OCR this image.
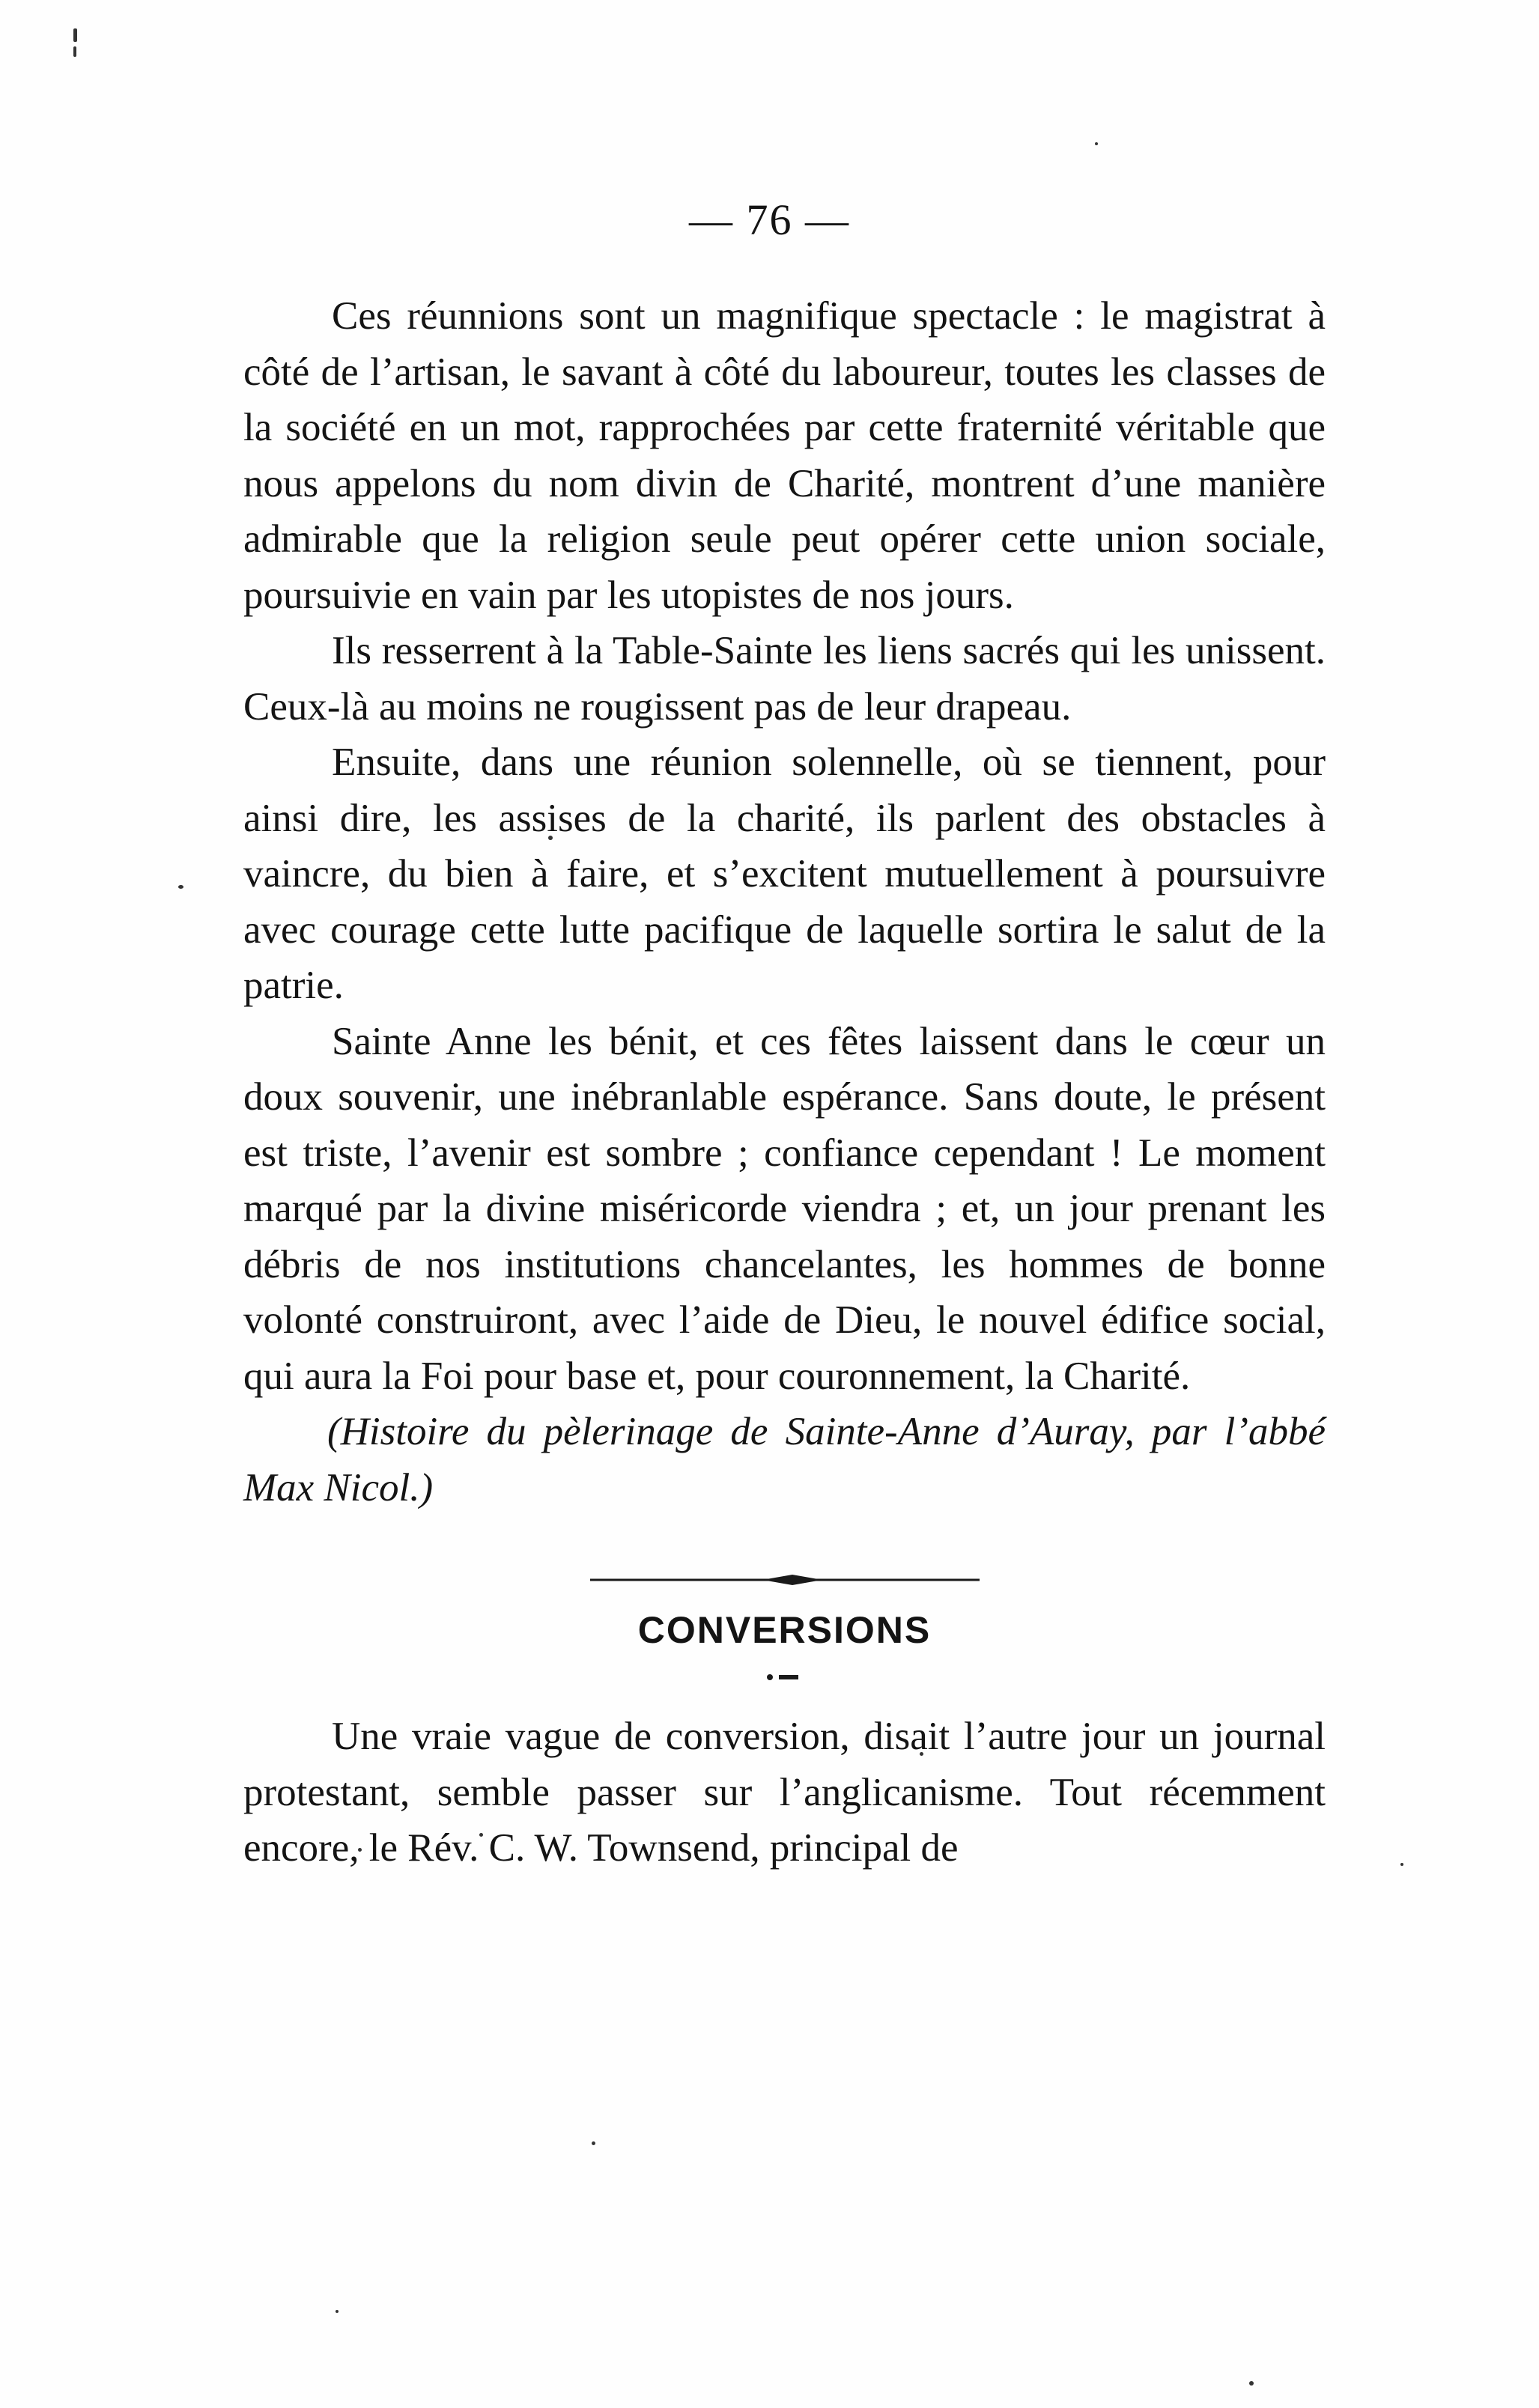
— 76 —

Ces réunnions sont un magnifique spectacle : le magistrat à côté de l’artisan, le savant à côté du laboureur, toutes les classes de la société en un mot, rapprochées par cette fraternité véritable que nous appelons du nom divin de Charité, montrent d’une manière admirable que la religion seule peut opérer cette union sociale, poursuivie en vain par les utopistes de nos jours.

Ils resserrent à la Table-Sainte les liens sacrés qui les unissent. Ceux-là au moins ne rougissent pas de leur drapeau.

Ensuite, dans une réunion solennelle, où se tiennent, pour ainsi dire, les assises de la charité, ils parlent des obstacles à vaincre, du bien à faire, et s’excitent mutuellement à poursuivre avec courage cette lutte pacifique de laquelle sortira le salut de la patrie.

Sainte Anne les bénit, et ces fêtes laissent dans le cœur un doux souvenir, une inébranlable espérance. Sans doute, le présent est triste, l’avenir est sombre ; confiance cependant ! Le moment marqué par la divine miséricorde viendra ; et, un jour prenant les débris de nos institutions chancelantes, les hommes de bonne volonté construiront, avec l’aide de Dieu, le nouvel édifice social, qui aura la Foi pour base et, pour couronnement, la Charité.

(Histoire du pèlerinage de Sainte-Anne d’Auray, par l’abbé Max Nicol.)

CONVERSIONS

Une vraie vague de conversion, disait l’autre jour un journal protestant, semble passer sur l’anglicanisme. Tout récemment encore, le Rév. C. W. Townsend, principal de
